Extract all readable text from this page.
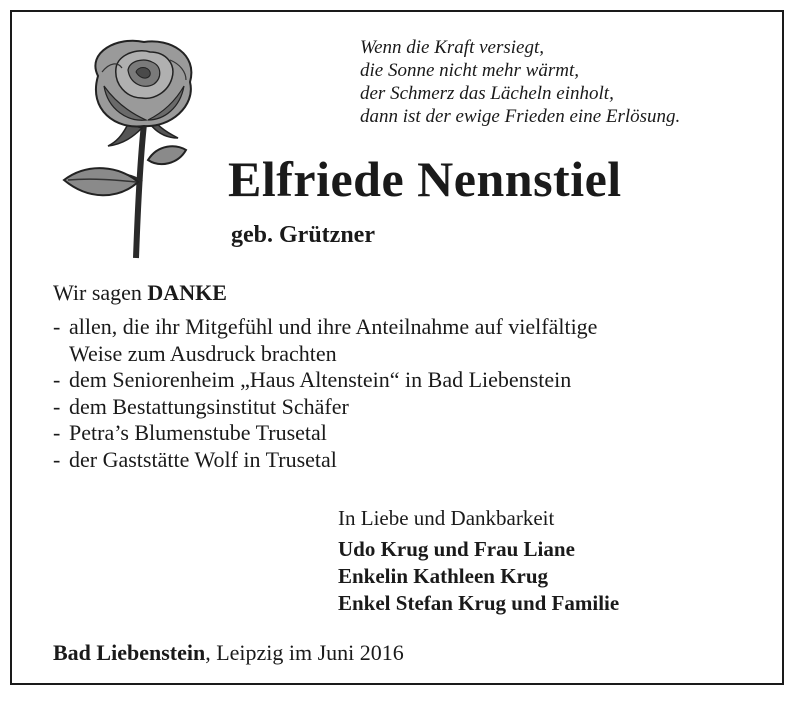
Wenn die Kraft versiegt,
die Sonne nicht mehr wärmt,
der Schmerz das Lächeln einholt,
dann ist der ewige Frieden eine Erlösung.
Elfriede Nennstiel
geb. Grützner
Wir sagen DANKE
- allen, die ihr Mitgefühl und ihre Anteilnahme auf vielfältige
Weise zum Ausdruck brachten
- dem Seniorenheim „Haus Altenstein“ in Bad Liebenstein
- dem Bestattungsinstitut Schäfer
- Petra’s Blumenstube Trusetal
- der Gaststätte Wolf in Trusetal
In Liebe und Dankbarkeit
Udo Krug und Frau Liane
Enkelin Kathleen Krug
Enkel Stefan Krug und Familie
Bad Liebenstein, Leipzig im Juni 2016
